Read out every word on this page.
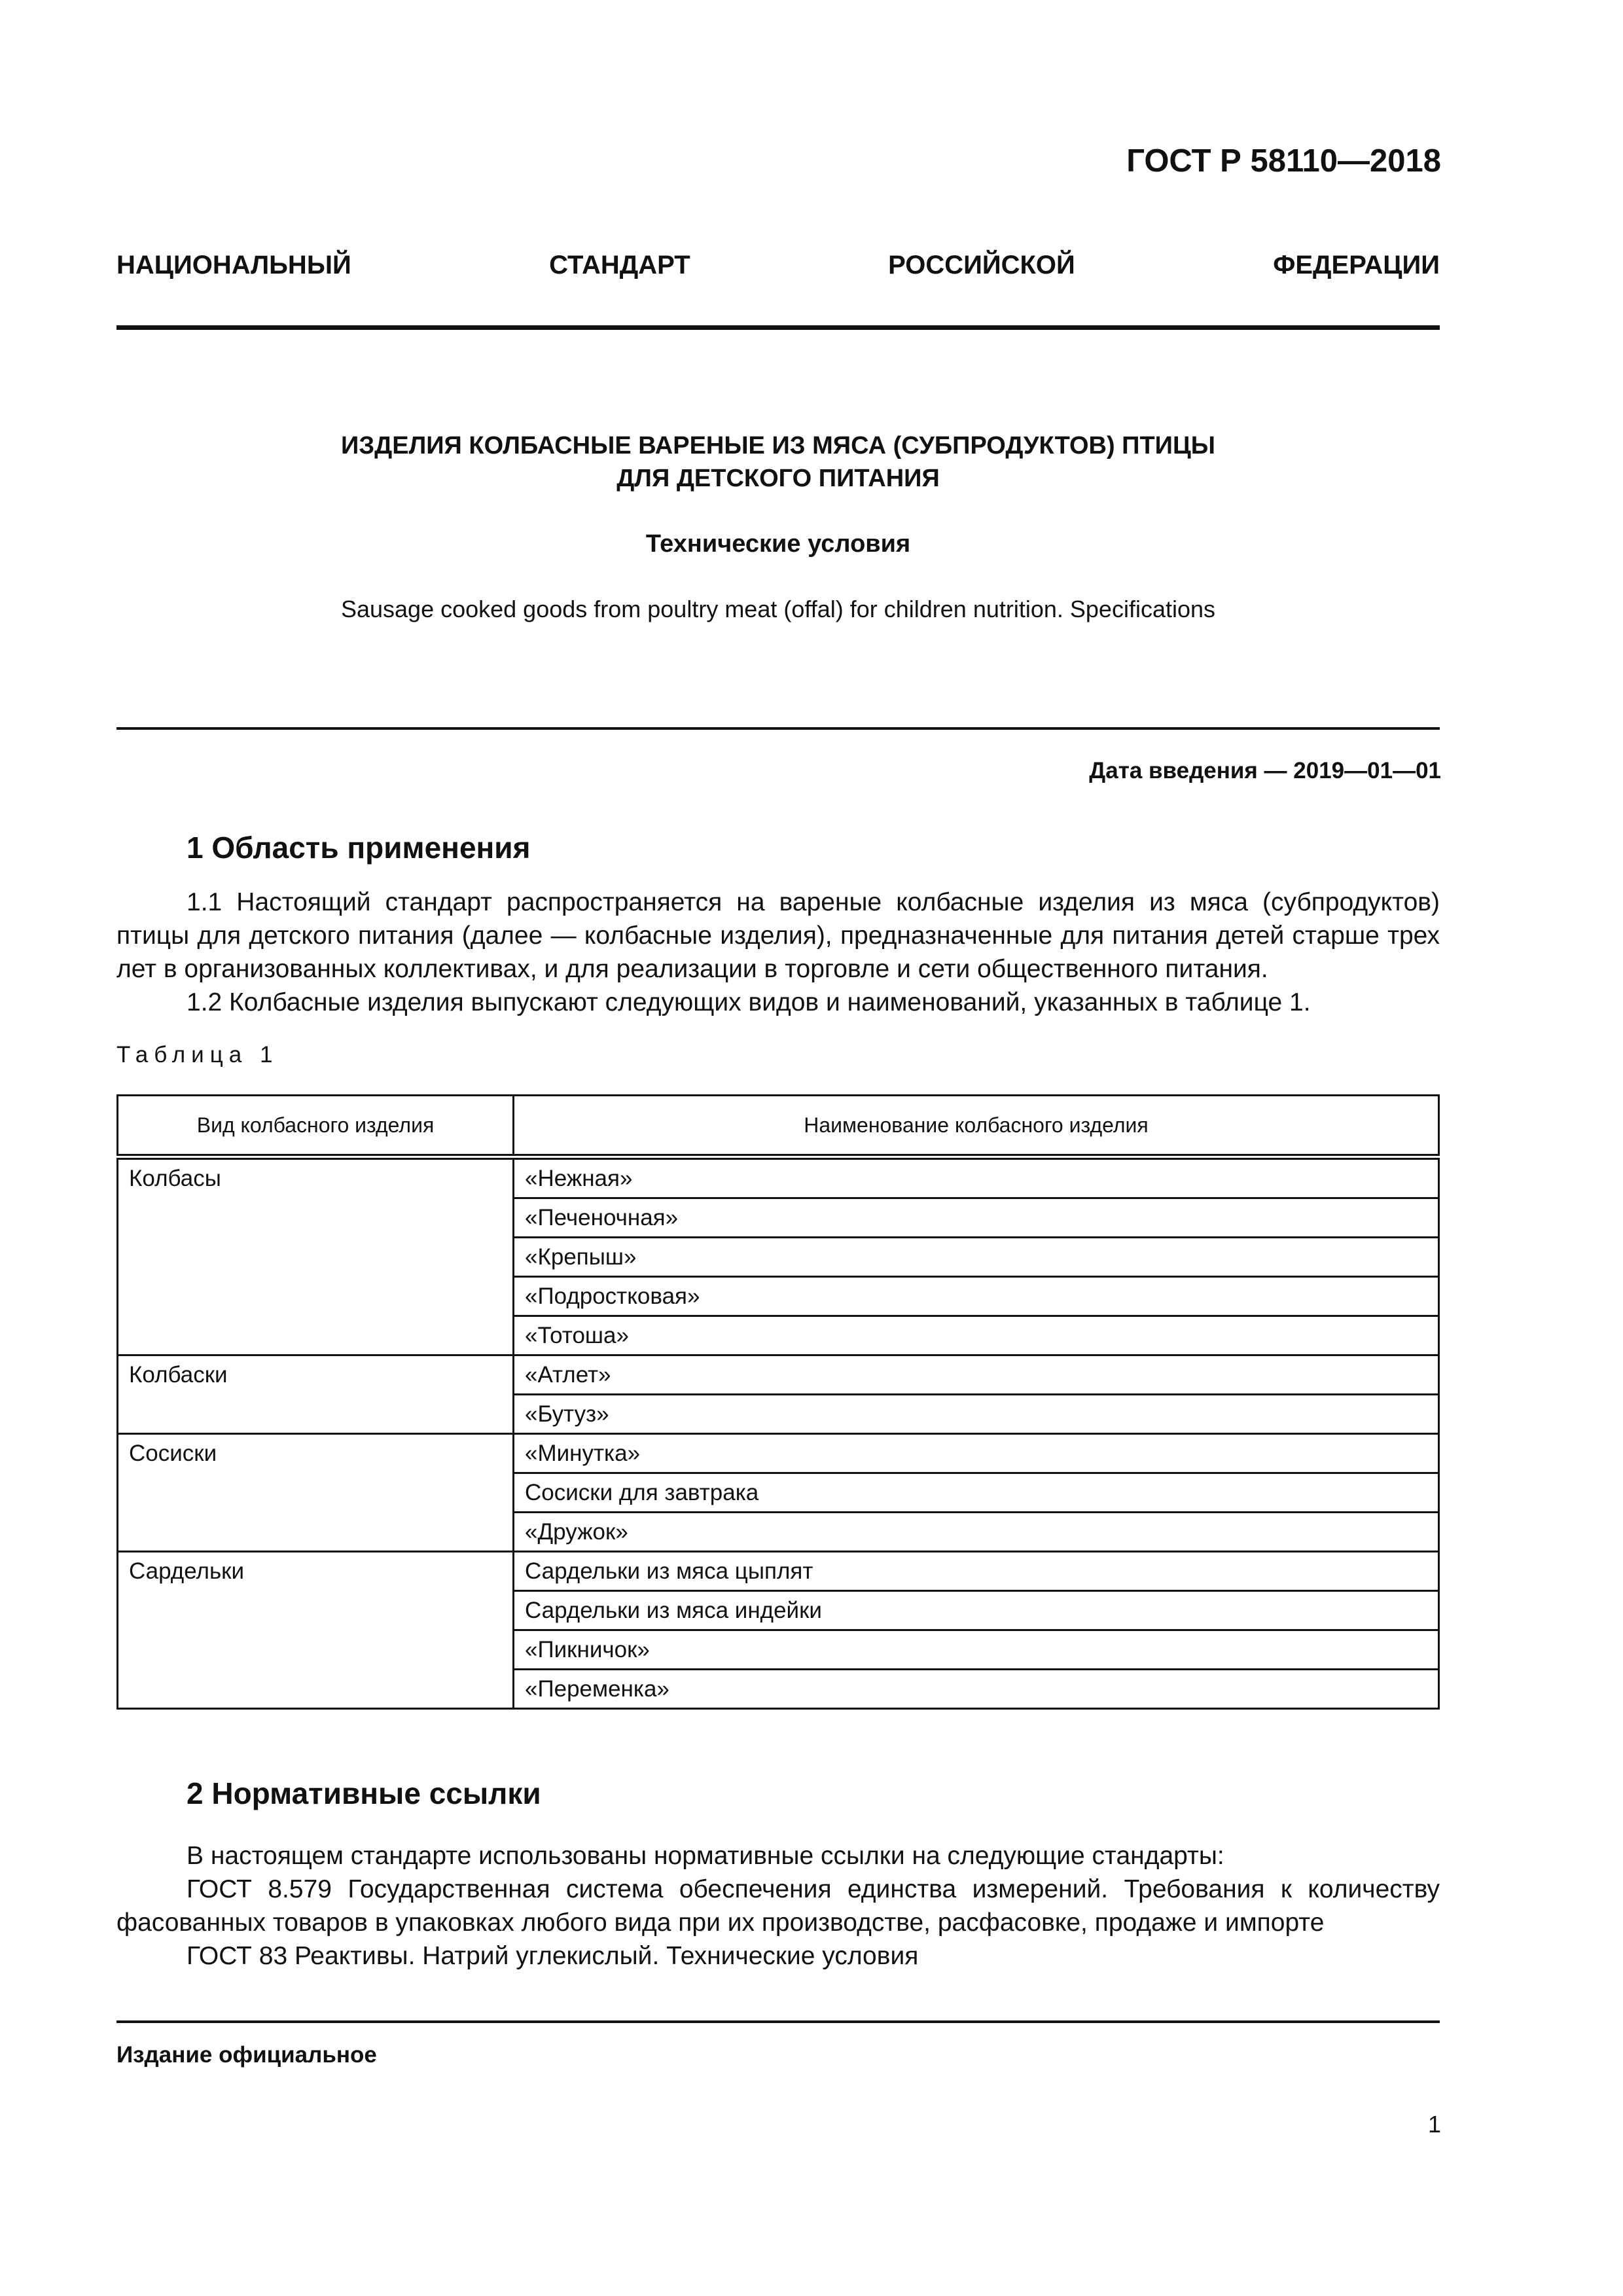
ГОСТ Р 58110—2018
НАЦИОНАЛЬНЫЙ	СТАНДАРТ	РОССИЙСКОЙ	ФЕДЕРАЦИИ
ИЗДЕЛИЯ КОЛБАСНЫЕ ВАРЕНЫЕ ИЗ МЯСА (СУБПРОДУКТОВ) ПТИЦЫ
ДЛЯ ДЕТСКОГО ПИТАНИЯ
Технические условия
Sausage cooked goods from poultry meat (offal) for children nutrition. Specifications
Дата введения — 2019—01—01
1 Область применения

1.1 Настоящий стандарт распространяется на вареные колбасные изделия из мяса (субпродуктов) птицы для детского питания (далее — колбасные изделия), предназначенные для питания детей старше трех лет в организованных коллективах, и для реализации в торговле и сети общественного питания.

1.2 Колбасные изделия выпускают следующих видов и наименований, указанных в таблице 1.

Таблица 1
Вид колбасного изделия	Наименование колбасного изделия
Колбасы	«Нежная»
	«Печеночная»
	«Крепыш»
	«Подростковая»
	«Тотоша»
Колбаски	«Атлет»
	«Бутуз»
Сосиски	«Минутка»
	Сосиски для завтрака
	«Дружок»
Сардельки	Сардельки из мяса цыплят
	Сардельки из мяса индейки
	«Пикничок»
	«Переменка»
2 Нормативные ссылки

В настоящем стандарте использованы нормативные ссылки на следующие стандарты:

ГОСТ 8.579 Государственная система обеспечения единства измерений. Требования к количеству фасованных товаров в упаковках любого вида при их производстве, расфасовке, продаже и импорте

ГОСТ 83 Реактивы. Натрий углекислый. Технические условия

Издание официальное
1
